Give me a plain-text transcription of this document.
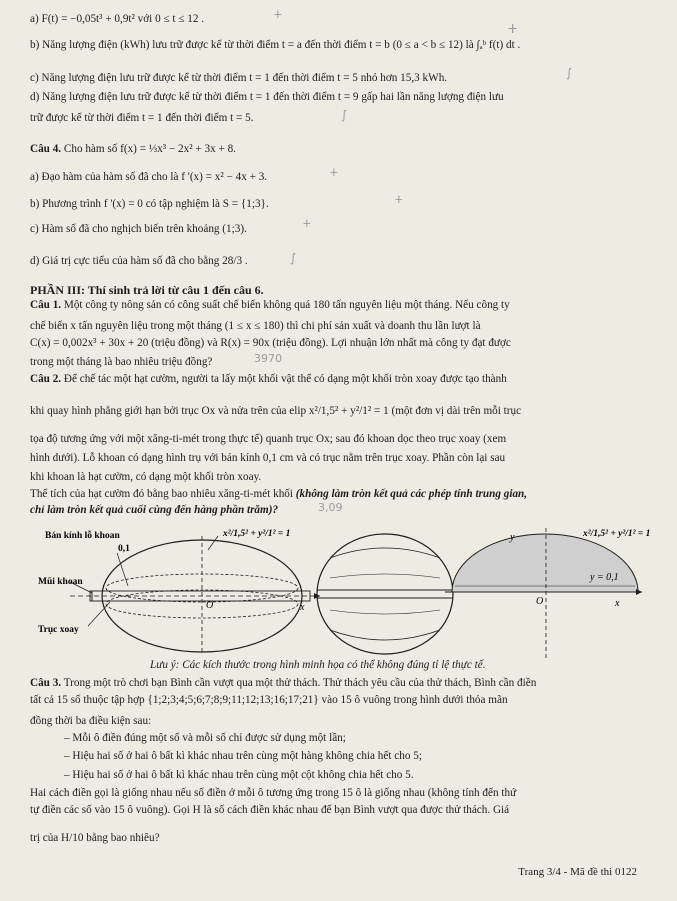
a) F(t) = −0,05t³ + 0,9t² với 0 ≤ t ≤ 12 .
b) Năng lượng điện (kWh) lưu trữ được kể từ thời điểm t = a đến thời điểm t = b (0 ≤ a < b ≤ 12) là ∫ₐᵇ f(t) dt .
c) Năng lượng điện lưu trữ được kể từ thời điểm t = 1 đến thời điểm t = 5 nhỏ hơn 15,3 kWh.
d) Năng lượng điện lưu trữ được kể từ thời điểm t = 1 đến thời điểm t = 9 gấp hai lần năng lượng điện lưu
trữ được kể từ thời điểm t = 1 đến thời điểm t = 5.
Câu 4. Cho hàm số f(x) = ⅓x³ − 2x² + 3x + 8.
a) Đạo hàm của hàm số đã cho là f '(x) = x² − 4x + 3.
b) Phương trình f '(x) = 0 có tập nghiệm là S = {1;3}.
c) Hàm số đã cho nghịch biến trên khoảng (1;3).
d) Giá trị cực tiểu của hàm số đã cho bằng 28/3 .
PHẦN III: Thí sinh trả lời từ câu 1 đến câu 6.
Câu 1. Một công ty nông sản có công suất chế biến không quá 180 tấn nguyên liệu một tháng. Nếu công ty
chế biến x tấn nguyên liệu trong một tháng (1 ≤ x ≤ 180) thì chi phí sản xuất và doanh thu lần lượt là
C(x) = 0,002x³ + 30x + 20 (triệu đồng) và R(x) = 90x (triệu đồng). Lợi nhuận lớn nhất mà công ty đạt được
trong một tháng là bao nhiêu triệu đồng?	3970
Câu 2. Để chế tác một hạt cườm, người ta lấy một khối vật thể có dạng một khối tròn xoay được tạo thành
khi quay hình phẳng giới hạn bởi trục Ox và nửa trên của elip x²/1,5² + y²/1² = 1 (một đơn vị dài trên mỗi trục
tọa độ tương ứng với một xăng-ti-mét trong thực tế) quanh trục Ox; sau đó khoan dọc theo trục xoay (xem
hình dưới). Lỗ khoan có dạng hình trụ với bán kính 0,1 cm và có trục nằm trên trục xoay. Phần còn lại sau
khi khoan là hạt cườm, có dạng một khối tròn xoay.
Thể tích của hạt cườm đó bằng bao nhiêu xăng-ti-mét khối (không làm tròn kết quả các phép tính trung gian,
chỉ làm tròn kết quả cuối cùng đến hàng phần trăm)?	3,09
Bán kính lỗ khoan
0,1
Mũi khoan
Trục xoay
O	x
x²/1,5² + y²/1² = 1	y	x²/1,5² + y²/1² = 1
y = 0,1
O	x
Lưu ý: Các kích thước trong hình minh họa có thể không đúng tỉ lệ thực tế.
Câu 3. Trong một trò chơi bạn Bình cần vượt qua một thử thách. Thử thách yêu cầu của thử thách, Bình cần điền
tất cả 15 số thuộc tập hợp {1;2;3;4;5;6;7;8;9;11;12;13;16;17;21} vào 15 ô vuông trong hình dưới thỏa mãn
đồng thời ba điều kiện sau:
– Mỗi ô điền đúng một số và mỗi số chỉ được sử dụng một lần;
– Hiệu hai số ở hai ô bất kì khác nhau trên cùng một hàng không chia hết cho 5;
– Hiệu hai số ở hai ô bất kì khác nhau trên cùng một cột không chia hết cho 5.
Hai cách điền gọi là giống nhau nếu số điền ở mỗi ô tương ứng trong 15 ô là giống nhau (không tính đến thứ
tự điền các số vào 15 ô vuông). Gọi H là số cách điền khác nhau để bạn Bình vượt qua được thử thách. Giá
trị của H/10 bằng bao nhiêu?
ⵜ
ⵜ
∫
∫
ⵜ
ⵜ
ⵜ
∫
Trang 3/4 - Mã đề thi 0122
